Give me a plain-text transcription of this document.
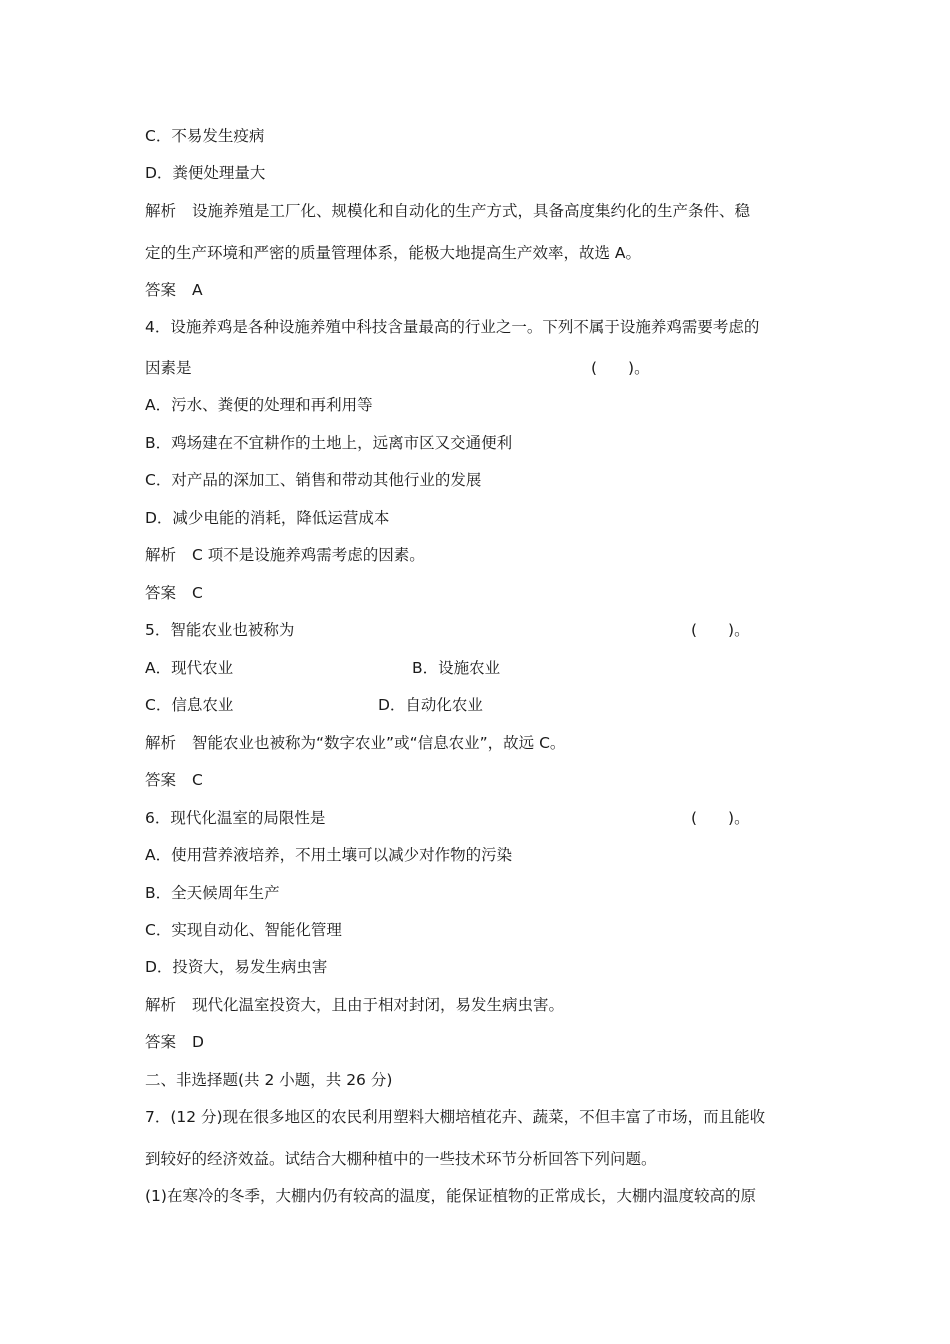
C．不易发生疫病
D．粪便处理量大
解析 设施养殖是工厂化、规模化和自动化的生产方式，具备高度集约化的生产条件、稳
定的生产环境和严密的质量管理体系，能极大地提高生产效率，故选 A。
答案 A
4．设施养鸡是各种设施养殖中科技含量最高的行业之一。下列不属于设施养鸡需要考虑的
因素是	(　　)。
A．污水、粪便的处理和再利用等
B．鸡场建在不宜耕作的土地上，远离市区又交通便利
C．对产品的深加工、销售和带动其他行业的发展
D．减少电能的消耗，降低运营成本
解析 C 项不是设施养鸡需考虑的因素。
答案 C
5．智能农业也被称为	(　　)。
A．现代农业	B．设施农业
C．信息农业	D．自动化农业
解析 智能农业也被称为“数字农业”或“信息农业”，故远 C。
答案 C
6．现代化温室的局限性是	(　　)。
A．使用营养液培养，不用土壤可以减少对作物的污染
B．全天候周年生产
C．实现自动化、智能化管理
D．投资大，易发生病虫害
解析 现代化温室投资大，且由于相对封闭，易发生病虫害。
答案 D
二、非选择题(共 2 小题，共 26 分)
7．(12 分)现在很多地区的农民利用塑料大棚培植花卉、蔬菜，不但丰富了市场，而且能收
到较好的经济效益。试结合大棚种植中的一些技术环节分析回答下列问题。
(1)在寒冷的冬季，大棚内仍有较高的温度，能保证植物的正常成长，大棚内温度较高的原
